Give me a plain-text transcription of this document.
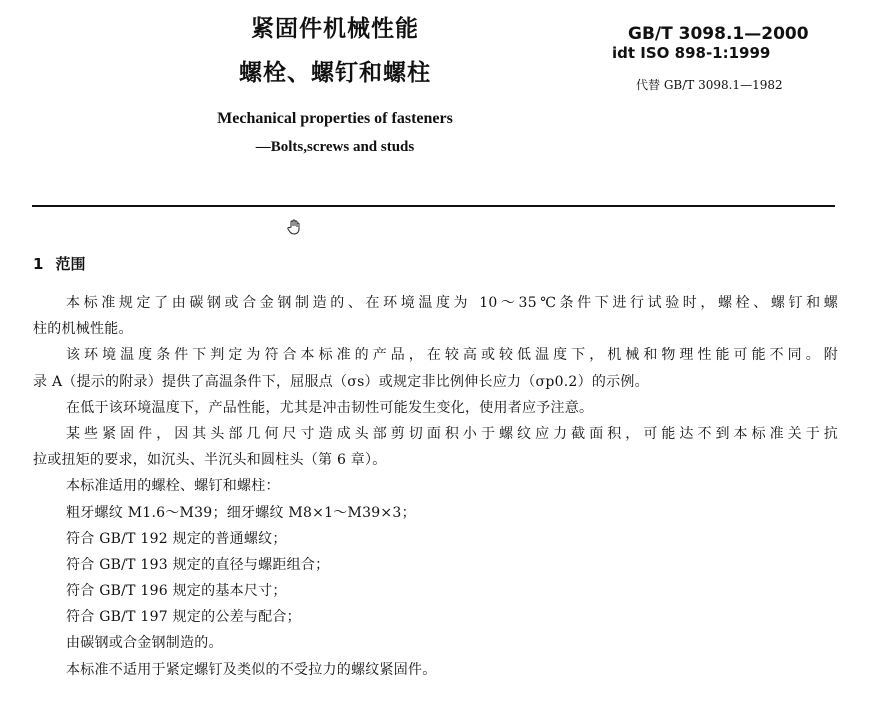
紧固件机械性能
螺栓、螺钉和螺柱
GB/T 3098.1—2000
idt ISO 898-1:1999
代替 GB/T 3098.1—1982
Mechanical properties of fasteners
—Bolts,screws and studs
1 范围
本标准规定了由碳钢或合金钢制造的、在环境温度为 10～35℃条件下进行试验时，螺栓、螺钉和螺
柱的机械性能。
该环境温度条件下判定为符合本标准的产品，在较高或较低温度下，机械和物理性能可能不同。附
录 A（提示的附录）提供了高温条件下，屈服点（σs）或规定非比例伸长应力（σp0.2）的示例。
在低于该环境温度下，产品性能，尤其是冲击韧性可能发生变化，使用者应予注意。
某些紧固件，因其头部几何尺寸造成头部剪切面积小于螺纹应力截面积，可能达不到本标准关于抗
拉或扭矩的要求，如沉头、半沉头和圆柱头（第 6 章）。
本标准适用的螺栓、螺钉和螺柱：
粗牙螺纹 M1.6～M39；细牙螺纹 M8×1～M39×3；
符合 GB/T 192 规定的普通螺纹；
符合 GB/T 193 规定的直径与螺距组合；
符合 GB/T 196 规定的基本尺寸；
符合 GB/T 197 规定的公差与配合；
由碳钢或合金钢制造的。
本标准不适用于紧定螺钉及类似的不受拉力的螺纹紧固件。
